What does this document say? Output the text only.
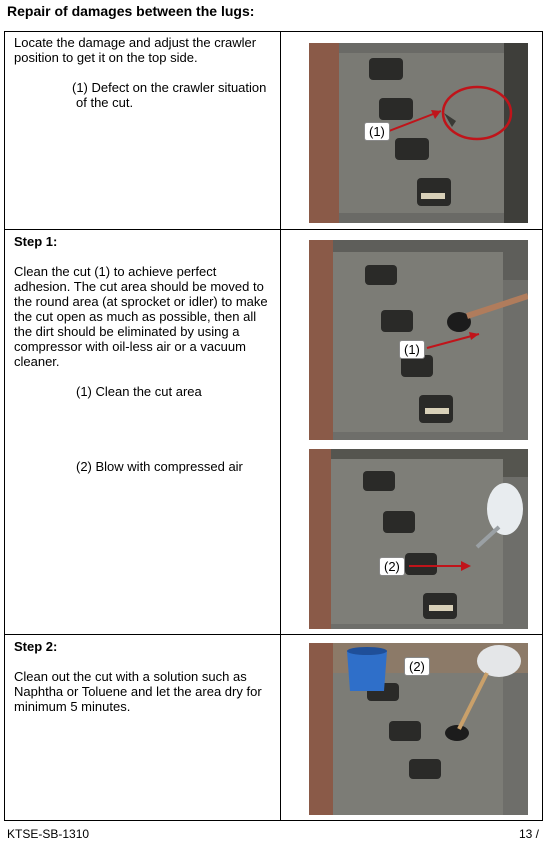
Repair of damages between the lugs:

Locate the damage and adjust the crawler position to get it on the top side.

(1) Defect on the crawler situation of the cut.

Step 1:

Clean the cut (1) to achieve perfect adhesion. The cut area should be moved to the round area (at sprocket or idler) to make the cut open as much as possible, then all the dirt should be eliminated by using a compressor with oil-less air or a vacuum cleaner.

(1) Clean the cut area

(2) Blow with compressed air

Step 2:

Clean out the cut with a solution such as Naphtha or Toluene and let the area dry for minimum 5 minutes.

(1)
(1)
(2)
(2)
KTSE-SB-1310	13 /
